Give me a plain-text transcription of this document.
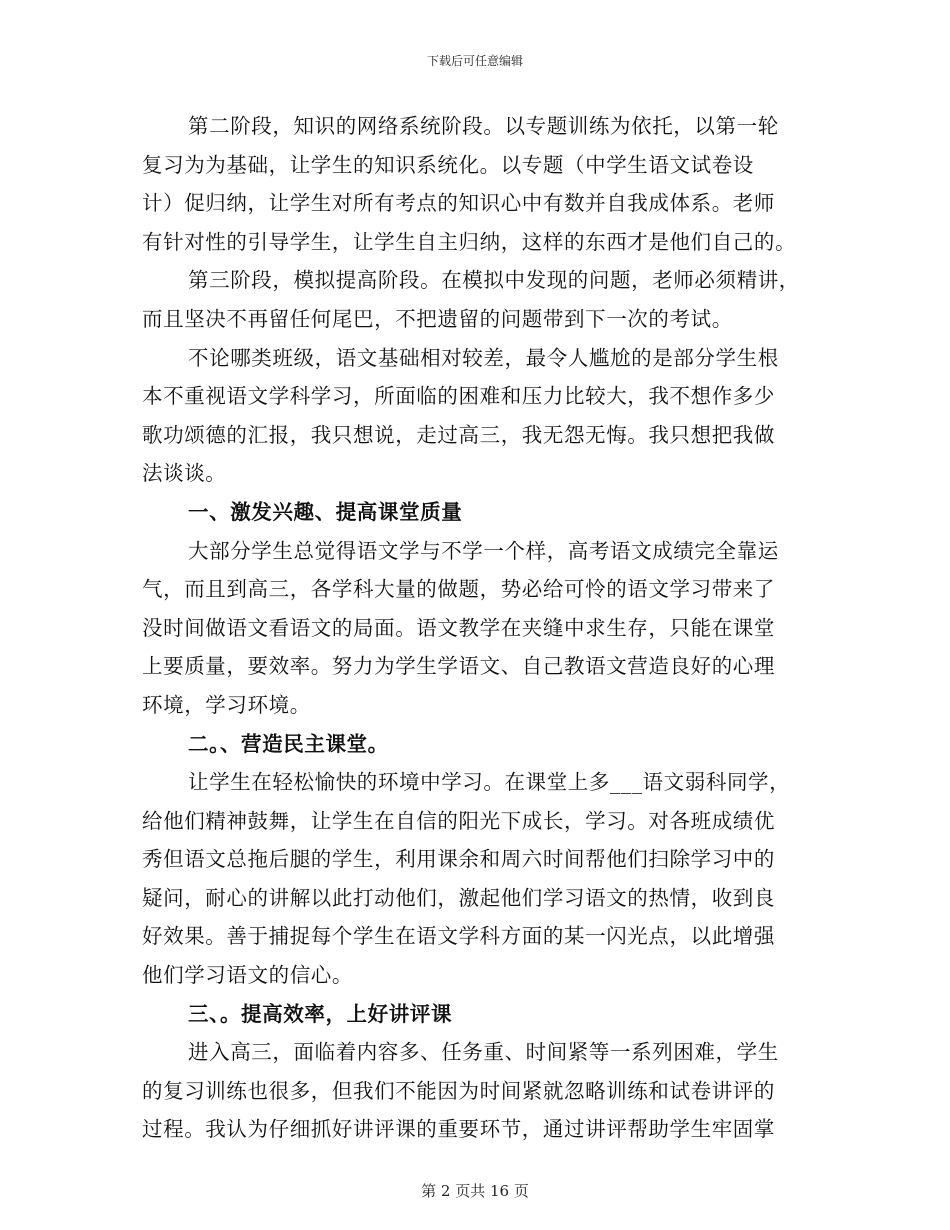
下载后可任意编辑
第二阶段，知识的网络系统阶段。以专题训练为依托，以第一轮
复习为为基础，让学生的知识系统化。以专题（中学生语文试卷设
计）促归纳，让学生对所有考点的知识心中有数并自我成体系。老师
有针对性的引导学生，让学生自主归纳，这样的东西才是他们自己的。
第三阶段，模拟提高阶段。在模拟中发现的问题，老师必须精讲，
而且坚决不再留任何尾巴，不把遗留的问题带到下一次的考试。
不论哪类班级，语文基础相对较差，最令人尴尬的是部分学生根
本不重视语文学科学习，所面临的困难和压力比较大，我不想作多少
歌功颂德的汇报，我只想说，走过高三，我无怨无悔。我只想把我做
法谈谈。
一、激发兴趣、提高课堂质量
大部分学生总觉得语文学与不学一个样，高考语文成绩完全靠运
气，而且到高三，各学科大量的做题，势必给可怜的语文学习带来了
没时间做语文看语文的局面。语文教学在夹缝中求生存，只能在课堂
上要质量，要效率。努力为学生学语文、自己教语文营造良好的心理
环境，学习环境。
二。、营造民主课堂。
让学生在轻松愉快的环境中学习。在课堂上多___语文弱科同学，
给他们精神鼓舞，让学生在自信的阳光下成长，学习。对各班成绩优
秀但语文总拖后腿的学生，利用课余和周六时间帮他们扫除学习中的
疑问，耐心的讲解以此打动他们，激起他们学习语文的热情，收到良
好效果。善于捕捉每个学生在语文学科方面的某一闪光点，以此增强
他们学习语文的信心。
三、。提高效率，上好讲评课
进入高三，面临着内容多、任务重、时间紧等一系列困难，学生
的复习训练也很多，但我们不能因为时间紧就忽略训练和试卷讲评的
过程。我认为仔细抓好讲评课的重要环节，通过讲评帮助学生牢固掌
第 2 页共 16 页
